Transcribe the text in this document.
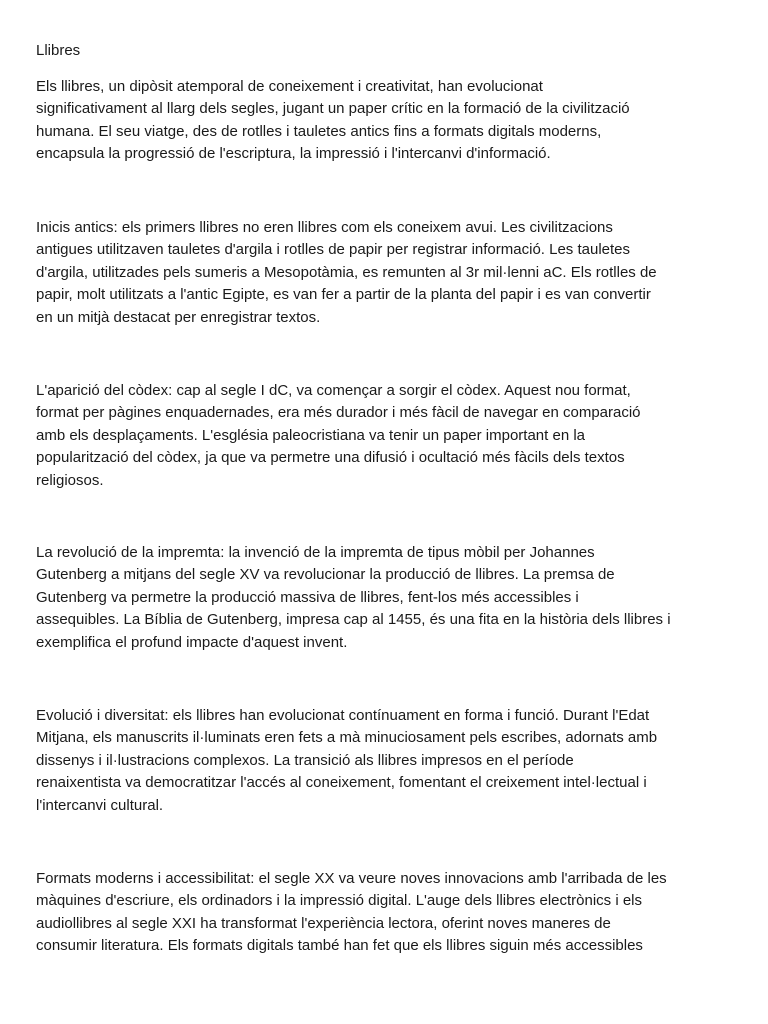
Llibres

Els llibres, un dipòsit atemporal de coneixement i creativitat, han evolucionat
significativament al llarg dels segles, jugant un paper crític en la formació de la civilització
humana. El seu viatge, des de rotlles i tauletes antics fins a formats digitals moderns,
encapsula la progressió de l'escriptura, la impressió i l'intercanvi d'informació.

Inicis antics: els primers llibres no eren llibres com els coneixem avui. Les civilitzacions
antigues utilitzaven tauletes d'argila i rotlles de papir per registrar informació. Les tauletes
d'argila, utilitzades pels sumeris a Mesopotàmia, es remunten al 3r mil·lenni aC. Els rotlles de
papir, molt utilitzats a l'antic Egipte, es van fer a partir de la planta del papir i es van convertir
en un mitjà destacat per enregistrar textos.

L'aparició del còdex: cap al segle I dC, va començar a sorgir el còdex. Aquest nou format,
format per pàgines enquadernades, era més durador i més fàcil de navegar en comparació
amb els desplaçaments. L'església paleocristiana va tenir un paper important en la
popularització del còdex, ja que va permetre una difusió i ocultació més fàcils dels textos
religiosos.

La revolució de la impremta: la invenció de la impremta de tipus mòbil per Johannes
Gutenberg a mitjans del segle XV va revolucionar la producció de llibres. La premsa de
Gutenberg va permetre la producció massiva de llibres, fent-los més accessibles i
assequibles. La Bíblia de Gutenberg, impresa cap al 1455, és una fita en la història dels llibres i
exemplifica el profund impacte d'aquest invent.

Evolució i diversitat: els llibres han evolucionat contínuament en forma i funció. Durant l'Edat
Mitjana, els manuscrits il·luminats eren fets a mà minuciosament pels escribes, adornats amb
dissenys i il·lustracions complexos. La transició als llibres impresos en el període
renaixentista va democratitzar l'accés al coneixement, fomentant el creixement intel·lectual i
l'intercanvi cultural.

Formats moderns i accessibilitat: el segle XX va veure noves innovacions amb l'arribada de les
màquines d'escriure, els ordinadors i la impressió digital. L'auge dels llibres electrònics i els
audiollibres al segle XXI ha transformat l'experiència lectora, oferint noves maneres de
consumir literatura. Els formats digitals també han fet que els llibres siguin més accessibles
